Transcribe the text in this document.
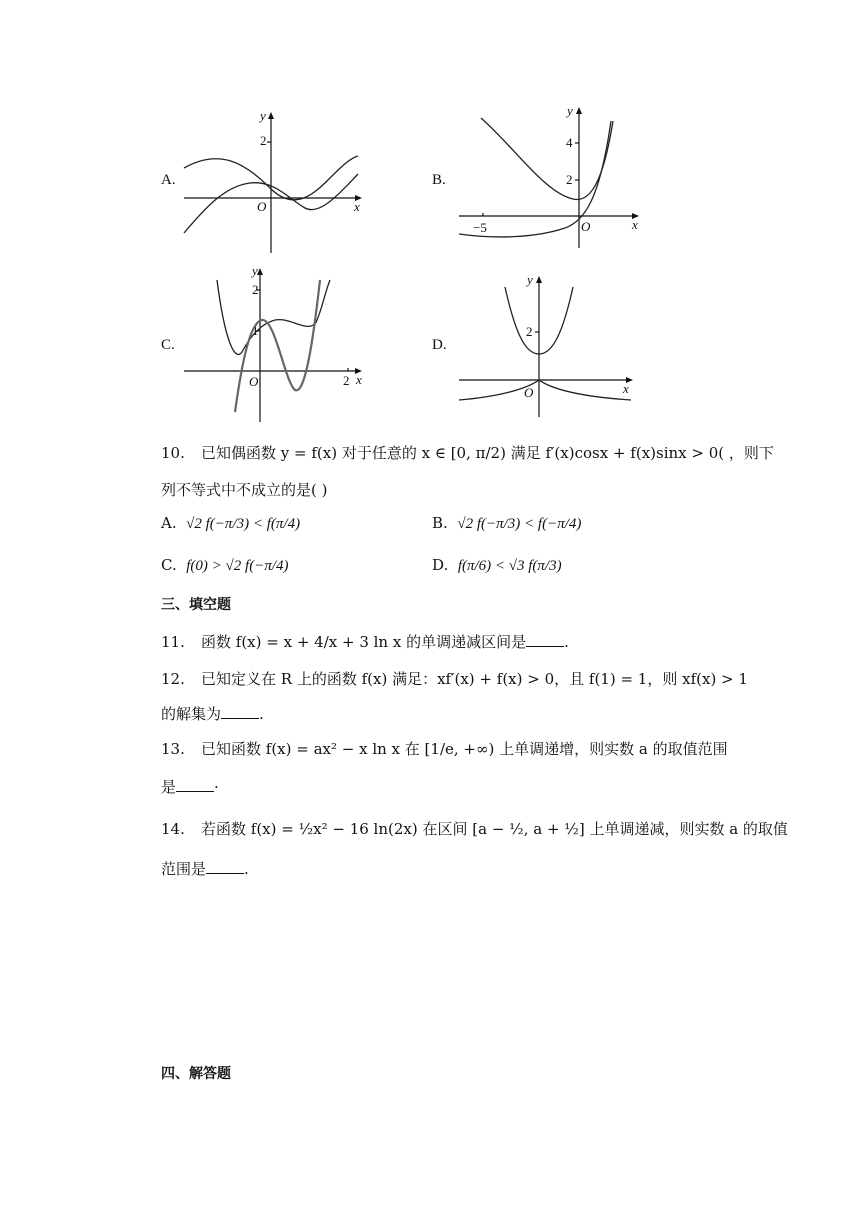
A.
y
x
O
2
B.
y
x
O
4
2
−5
C.
y
x
O
2
1
2
D.
y
x
O
2
10. 已知偶函数 y = f(x) 对于任意的 x ∈ [0, π/2) 满足 f′(x)cosx + f(x)sinx > 0( ，则下
列不等式中不成立的是( )
A. √2 f(−π/3) < f(π/4)	B. √2 f(−π/3) < f(−π/4)
C. f(0) > √2 f(−π/4)	D. f(π/6) < √3 f(π/3)
三、填空题
11. 函数 f(x) = x + 4/x + 3 ln x 的单调递减区间是	.
12. 已知定义在 R 上的函数 f(x) 满足：xf′(x) + f(x) > 0，且 f(1) = 1，则 xf(x) > 1
的解集为	.
13. 已知函数 f(x) = ax² − x ln x 在 [1/e, +∞) 上单调递增，则实数 a 的取值范围
是	·
14. 若函数 f(x) = ½x² − 16 ln(2x) 在区间 [a − ½, a + ½] 上单调递减，则实数 a 的取值
范围是	.
四、解答题
